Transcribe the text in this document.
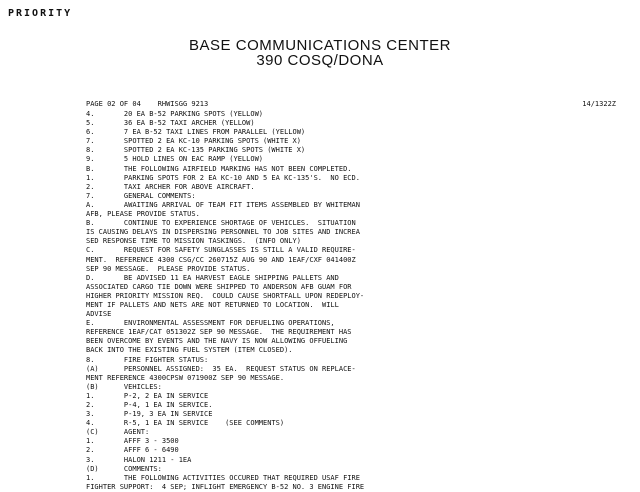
PRIORITY
BASE COMMUNICATIONS CENTER
390 COSQ/DONA
PAGE 02 OF 04 RHWISGG 9213	14/1322Z
4.       20 EA B-52 PARKING SPOTS (YELLOW)
5.       36 EA B-52 TAXI ARCHER (YELLOW)
6.       7 EA B-52 TAXI LINES FROM PARALLEL (YELLOW)
7.       SPOTTED 2 EA KC-10 PARKING SPOTS (WHITE X)
8.       SPOTTED 2 EA KC-135 PARKING SPOTS (WHITE X)
9.       5 HOLD LINES ON EAC RAMP (YELLOW)
B.       THE FOLLOWING AIRFIELD MARKING HAS NOT BEEN COMPLETED.
1.       PARKING SPOTS FOR 2 EA KC-10 AND 5 EA KC-135'S.  NO ECD.
2.       TAXI ARCHER FOR ABOVE AIRCRAFT.
7.       GENERAL COMMENTS:
A.       AWAITING ARRIVAL OF TEAM FIT ITEMS ASSEMBLED BY WHITEMAN
AFB, PLEASE PROVIDE STATUS.
B.       CONTINUE TO EXPERIENCE SHORTAGE OF VEHICLES.  SITUATION
IS CAUSING DELAYS IN DISPERSING PERSONNEL TO JOB SITES AND INCREA
SED RESPONSE TIME TO MISSION TASKINGS.  (INFO ONLY)
C.       REQUEST FOR SAFETY SUNGLASSES IS STILL A VALID REQUIRE-
MENT.  REFERENCE 4300 CSG/CC 260715Z AUG 90 AND 1EAF/CXF 041400Z
SEP 90 MESSAGE.  PLEASE PROVIDE STATUS.
D.       BE ADVISED 11 EA HARVEST EAGLE SHIPPING PALLETS AND
ASSOCIATED CARGO TIE DOWN WERE SHIPPED TO ANDERSON AFB GUAM FOR
HIGHER PRIORITY MISSION REQ.  COULD CAUSE SHORTFALL UPON REDEPLOY-
MENT IF PALLETS AND NETS ARE NOT RETURNED TO LOCATION.  WILL
ADVISE
E.       ENVIRONMENTAL ASSESSMENT FOR DEFUELING OPERATIONS,
REFERENCE 1EAF/CAT 051302Z SEP 90 MESSAGE.  THE REQUIREMENT HAS
BEEN OVERCOME BY EVENTS AND THE NAVY IS NOW ALLOWING OFFUELING
BACK INTO THE EXISTING FUEL SYSTEM (ITEM CLOSED).
8.       FIRE FIGHTER STATUS:
(A)      PERSONNEL ASSIGNED:  35 EA.  REQUEST STATUS ON REPLACE-
MENT REFERENCE 4300CPSW 071900Z SEP 90 MESSAGE.
(B)      VEHICLES:
1.       P-2, 2 EA IN SERVICE
2.       P-4, 1 EA IN SERVICE.
3.       P-19, 3 EA IN SERVICE
4.       R-5, 1 EA IN SERVICE    (SEE COMMENTS)
(C)      AGENT:
1.       AFFF 3 - 3500
2.       AFFF 6 - 6490
3.       HALON 1211 - 1EA
(D)      COMMENTS:
1.       THE FOLLOWING ACTIVITIES OCCURED THAT REQUIRED USAF FIRE
FIGHTER SUPPORT:  4 SEP; INFLIGHT EMERGENCY B-52 NO. 3 ENGINE FIRE
